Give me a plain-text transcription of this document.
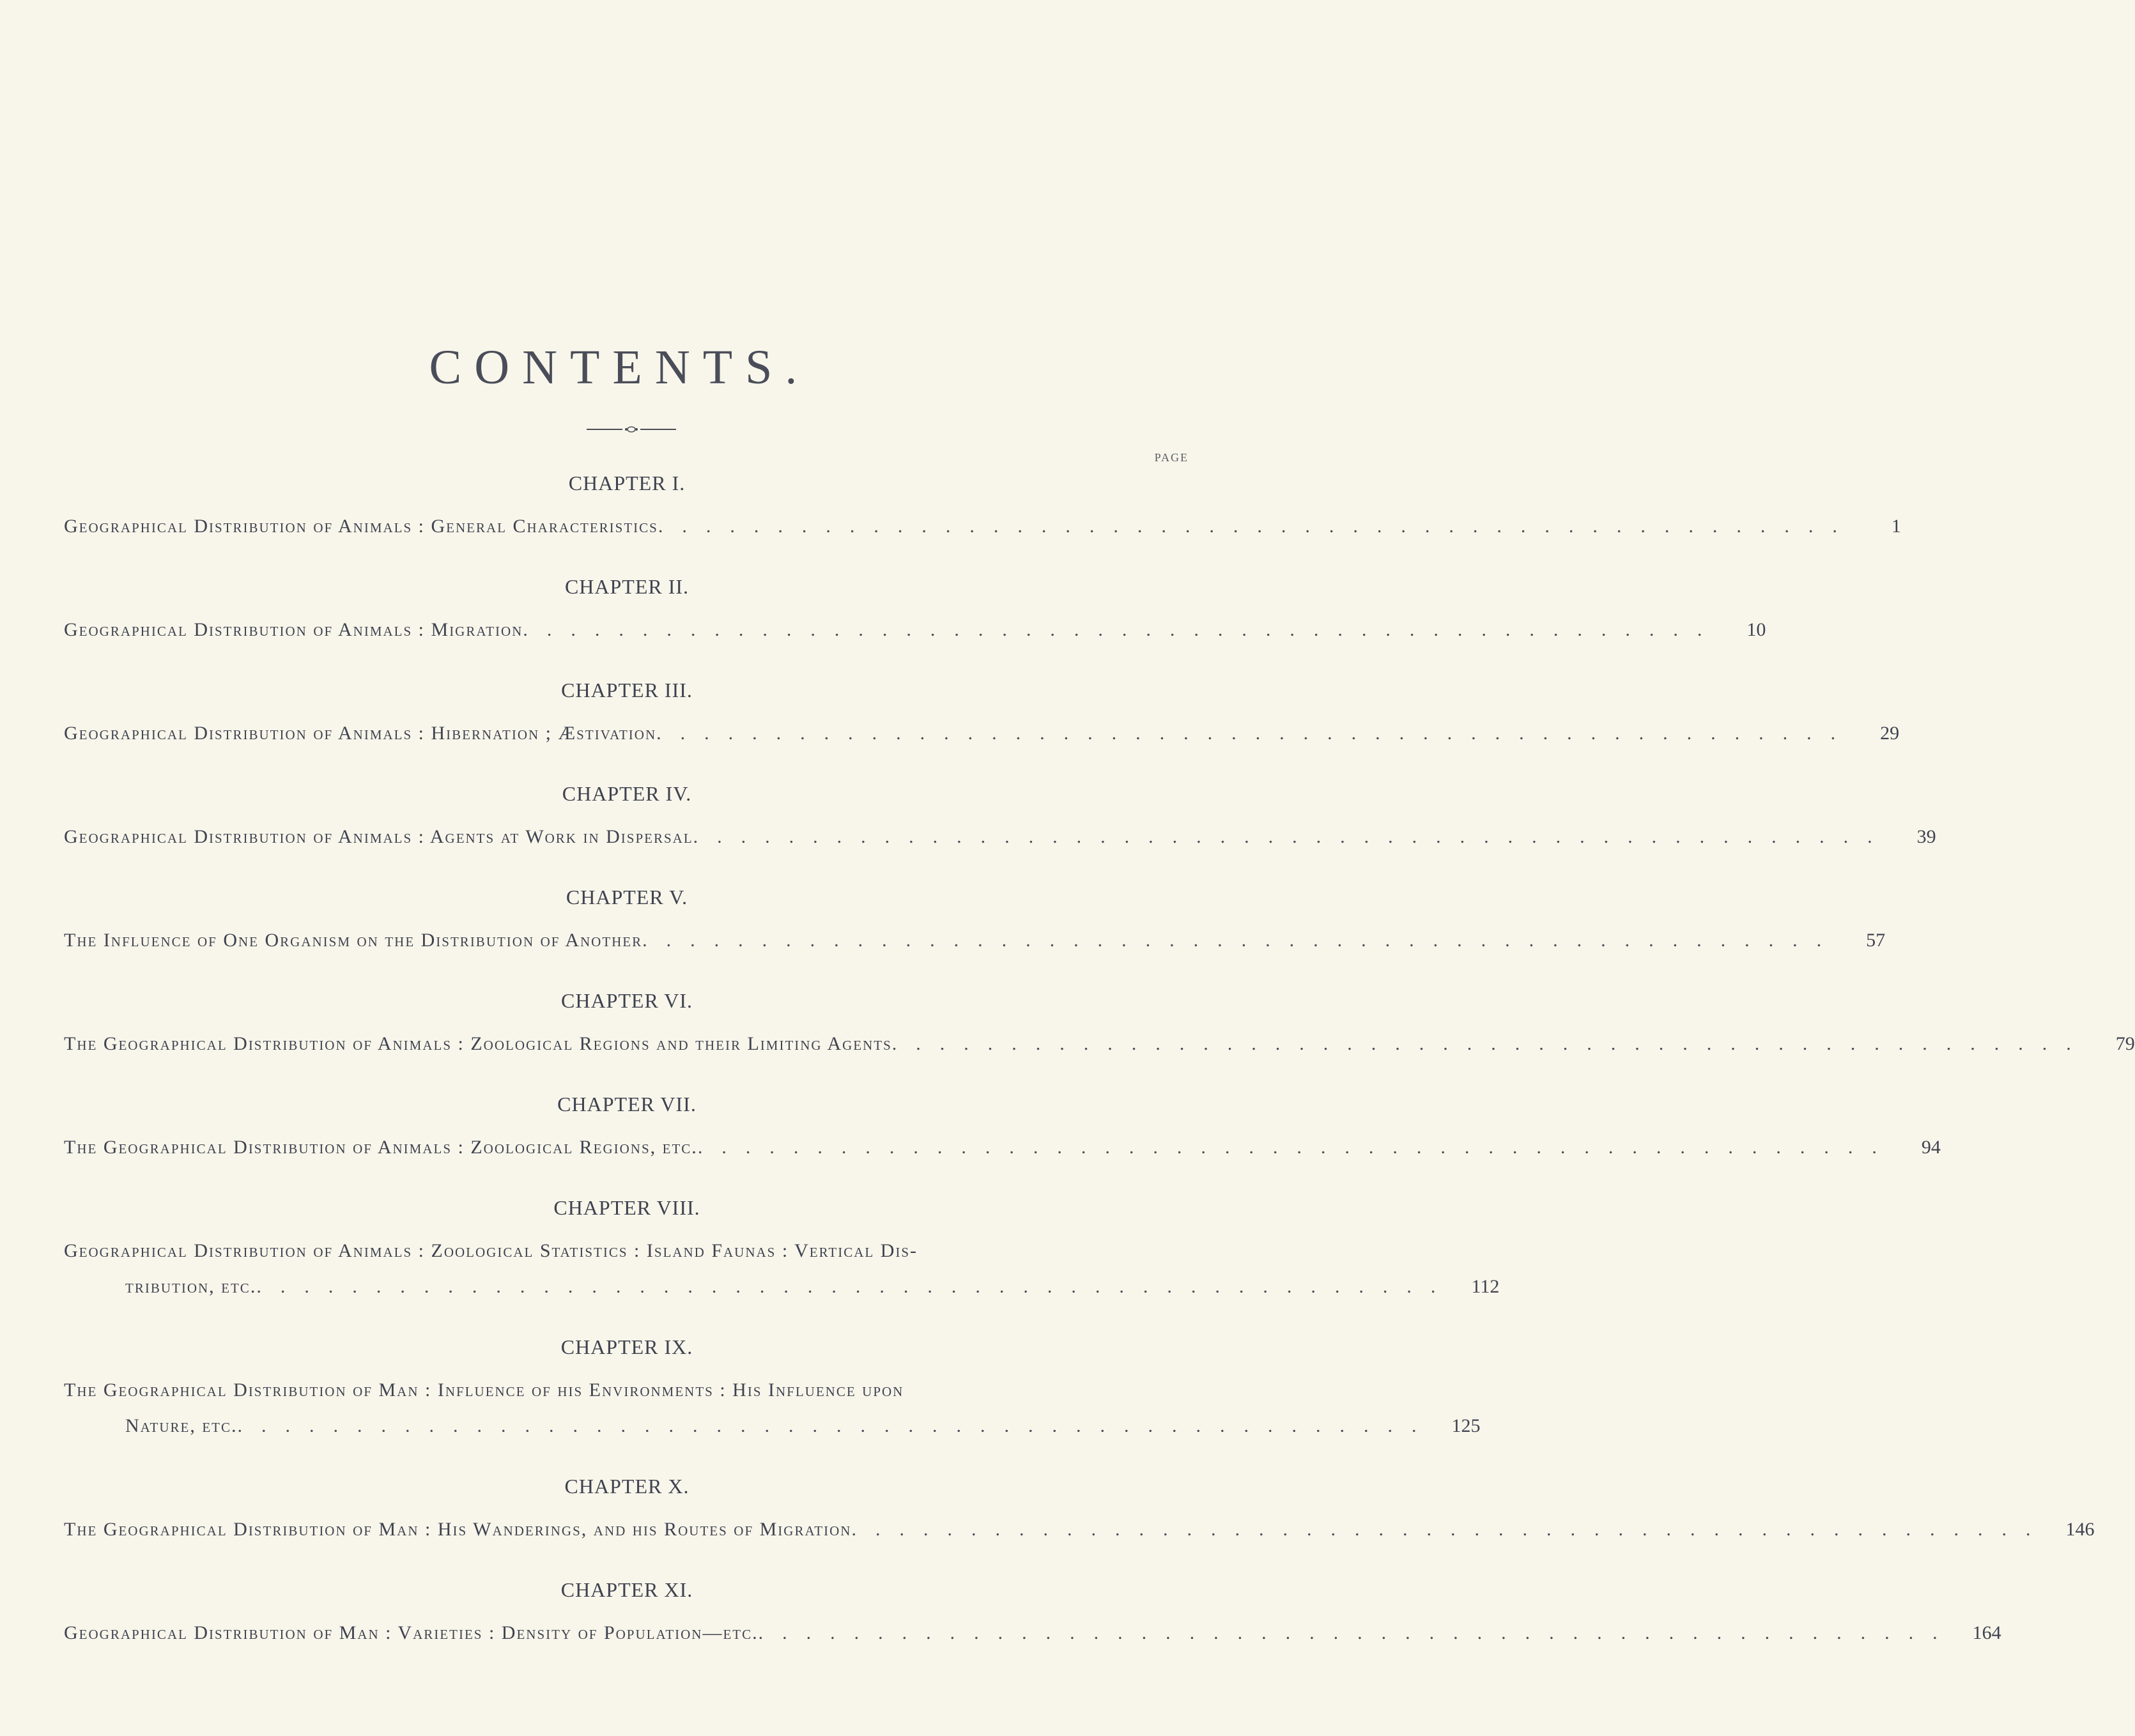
CONTENTS.
PAGE
CHAPTER I.
Geographical Distribution of Animals : General Characteristics ..................................................	1
CHAPTER II.
Geographical Distribution of Animals : Migration ..................................................	10
CHAPTER III.
Geographical Distribution of Animals : Hibernation ; Æstivation ..................................................	29
CHAPTER IV.
Geographical Distribution of Animals : Agents at Work in Dispersal ..................................................	39
CHAPTER V.
The Influence of One Organism on the Distribution of Another ..................................................	57
CHAPTER VI.
The Geographical Distribution of Animals : Zoological Regions and their Limiting Agents ..................................................	79
CHAPTER VII.
The Geographical Distribution of Animals : Zoological Regions, etc. ..................................................	94
CHAPTER VIII.
Geographical Distribution of Animals : Zoological Statistics : Island Faunas : Vertical Dis-
tribution, etc. .................................................. 112
CHAPTER IX.
The Geographical Distribution of Man : Influence of his Environments : His Influence upon
Nature, etc. .................................................. 125
CHAPTER X.
The Geographical Distribution of Man : His Wanderings, and his Routes of Migration .................................................. 146
CHAPTER XI.
Geographical Distribution of Man : Varieties : Density of Population—etc. .................................................. 164
